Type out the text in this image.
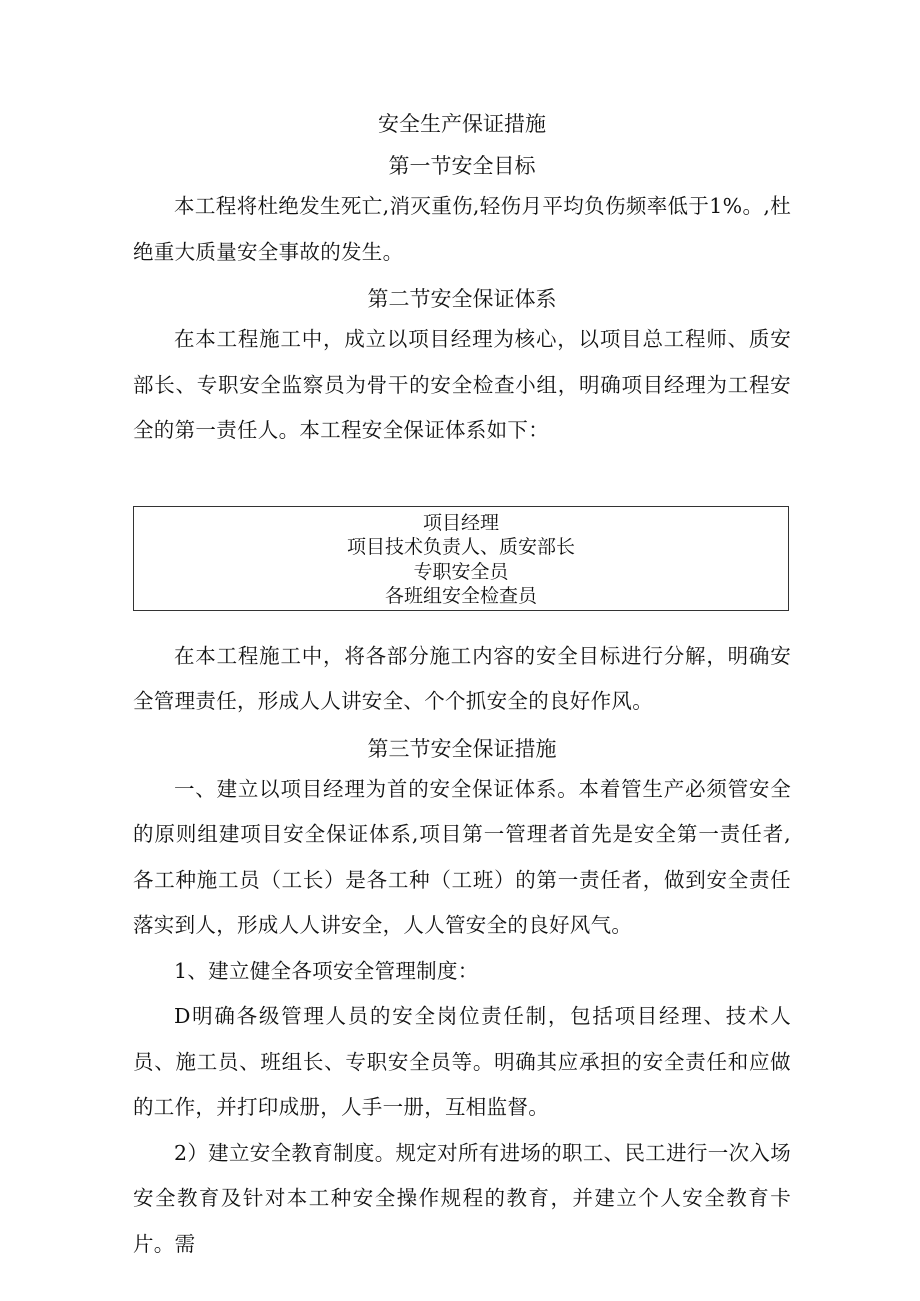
安全生产保证措施
第一节安全目标

本工程将杜绝发生死亡,消灭重伤,轻伤月平均负伤频率低于1%。,杜绝重大质量安全事故的发生。

第二节安全保证体系

在本工程施工中，成立以项目经理为核心，以项目总工程师、质安部长、专职安全监察员为骨干的安全检查小组，明确项目经理为工程安全的第一责任人。本工程安全保证体系如下：

项目经理
项目技术负责人、质安部长
专职安全员
各班组安全检查员

在本工程施工中，将各部分施工内容的安全目标进行分解，明确安全管理责任，形成人人讲安全、个个抓安全的良好作风。

第三节安全保证措施

一、建立以项目经理为首的安全保证体系。本着管生产必须管安全的原则组建项目安全保证体系,项目第一管理者首先是安全第一责任者,各工种施工员（工长）是各工种（工班）的第一责任者，做到安全责任落实到人，形成人人讲安全，人人管安全的良好风气。

1、建立健全各项安全管理制度：

D明确各级管理人员的安全岗位责任制，包括项目经理、技术人员、施工员、班组长、专职安全员等。明确其应承担的安全责任和应做的工作，并打印成册，人手一册，互相监督。

2）建立安全教育制度。规定对所有进场的职工、民工进行一次入场安全教育及针对本工种安全操作规程的教育，并建立个人安全教育卡片。需
